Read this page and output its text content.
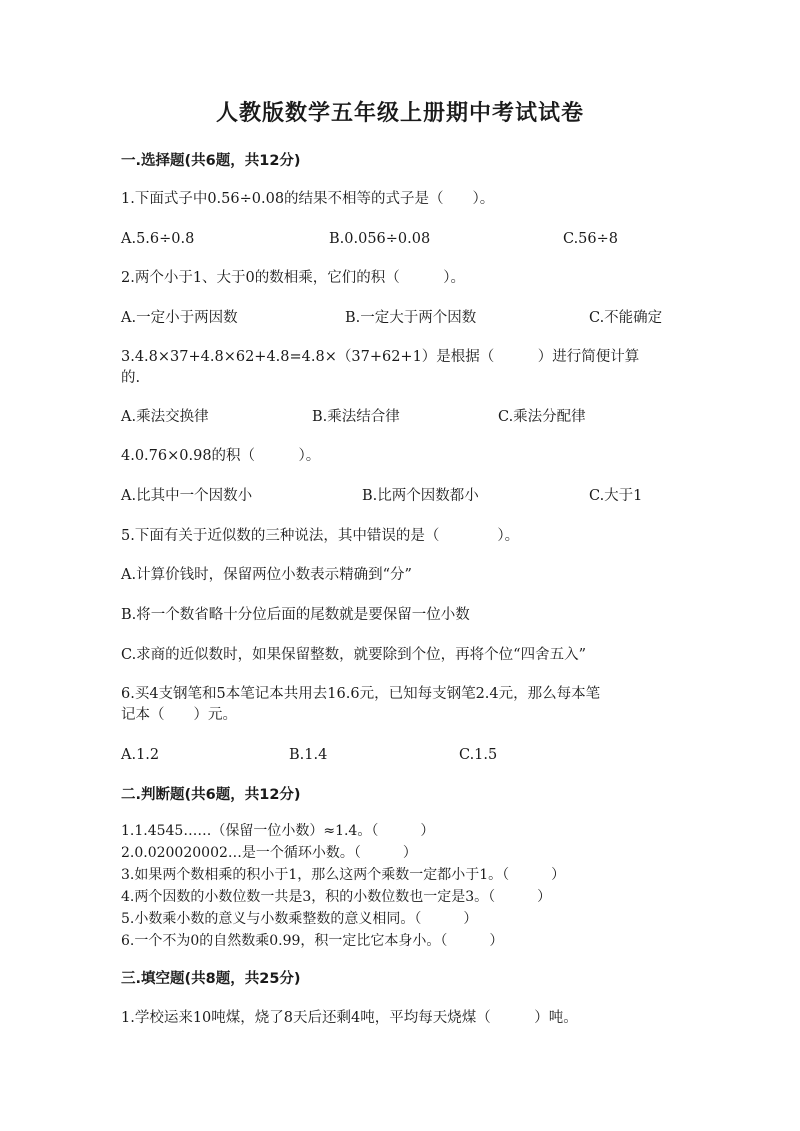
人教版数学五年级上册期中考试试卷
一.选择题(共6题，共12分)
1.下面式子中0.56÷0.08的结果不相等的式子是（　　）。
A.5.6÷0.8	B.0.056÷0.08	C.56÷8
2.两个小于1、大于0的数相乘，它们的积（　　　）。
A.一定小于两因数	B.一定大于两个因数	C.不能确定
3.4.8×37+4.8×62+4.8=4.8×（37+62+1）是根据（　　　）进行简便计算
的.
A.乘法交换律	B.乘法结合律	C.乘法分配律
4.0.76×0.98的积（　　　）。
A.比其中一个因数小	B.比两个因数都小	C.大于1
5.下面有关于近似数的三种说法，其中错误的是（　　　　）。
A.计算价钱时，保留两位小数表示精确到“分”
B.将一个数省略十分位后面的尾数就是要保留一位小数
C.求商的近似数时，如果保留整数，就要除到个位，再将个位“四舍五入”
6.买4支钢笔和5本笔记本共用去16.6元，已知每支钢笔2.4元，那么每本笔
记本（　　）元。
A.1.2	B.1.4	C.1.5
二.判断题(共6题，共12分)
1.1.4545……（保留一位小数）≈1.4。（　　　）
2.0.020020002…是一个循环小数。（　　　）
3.如果两个数相乘的积小于1，那么这两个乘数一定都小于1。（　　　）
4.两个因数的小数位数一共是3，积的小数位数也一定是3。（　　　）
5.小数乘小数的意义与小数乘整数的意义相同。（　　　）
6.一个不为0的自然数乘0.99，积一定比它本身小。（　　　）
三.填空题(共8题，共25分)
1.学校运来10吨煤，烧了8天后还剩4吨，平均每天烧煤（　　　）吨。
